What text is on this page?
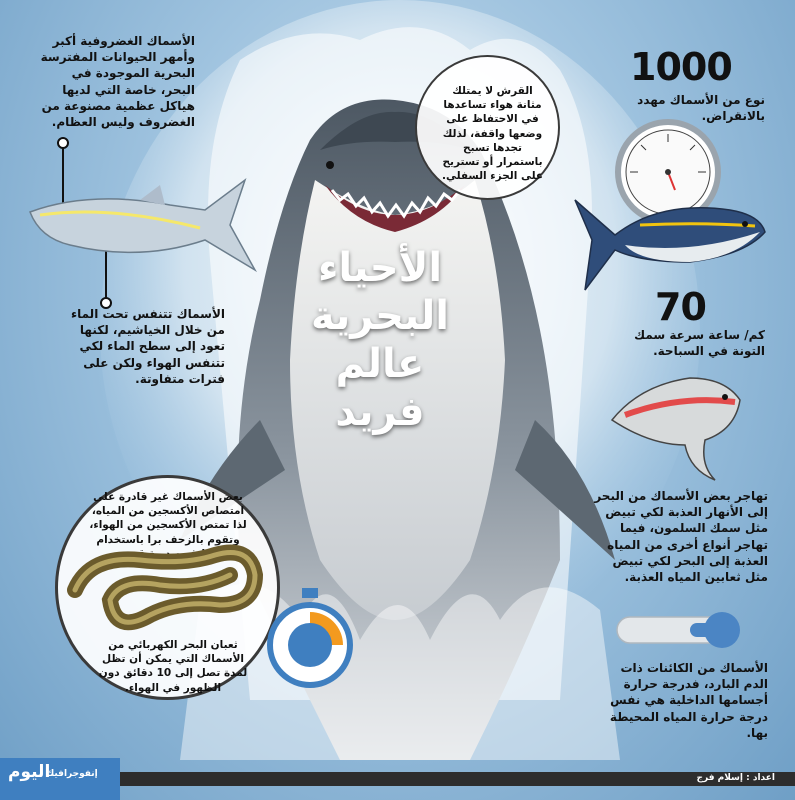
الأحياء
البحرية
عالم
فريد
الأسماك الغضروفية أكبر وأمهر الحيوانات المفترسة البحرية الموجودة في البحر، خاصة التي لديها هياكل عظمية مصنوعة من الغضروف وليس العظام.
الأسماك تتنفس تحت الماء من خلال الخياشيم، لكنها تعود إلى سطح الماء لكي تتنفس الهواء ولكن على فترات متفاوتة.
القرش لا يمتلك مثانة هواء تساعدها في الاحتفاظ على وضعها واقفة، لذلك تجدها تسبح باستمرار أو تستريح على الجزء السفلي.
1000
نوع من الأسماك مهدد بالانقراض.
70
كم/ ساعة سرعة سمك التونة في السباحة.
تهاجر بعض الأسماك من البحر إلى الأنهار العذبة لكي تبيض مثل سمك السلمون، فيما تهاجر أنواع أخرى من المياه العذبة إلى البحر لكي تبيض مثل ثعابين المياه العذبة.
الأسماك من الكائنات ذات الدم البارد، فدرجة حرارة أجسامها الداخلية هي نفس درجة حرارة المياه المحيطة بها.
بعض الأسماك غير قادرة على امتصاص الأكسجين من المياه، لذا تمتص الأكسجين من الهواء، وتقوم بالزحف برا باستخدام زعانف صدرية قوية.
ثعبان البحر الكهربائي من الأسماك التي يمكن أن تظل لمدة تصل إلى 10 دقائق دون الظهور في الهواء.
اعداد : إسلام فرج
اليوم
إنفوجرافيك
